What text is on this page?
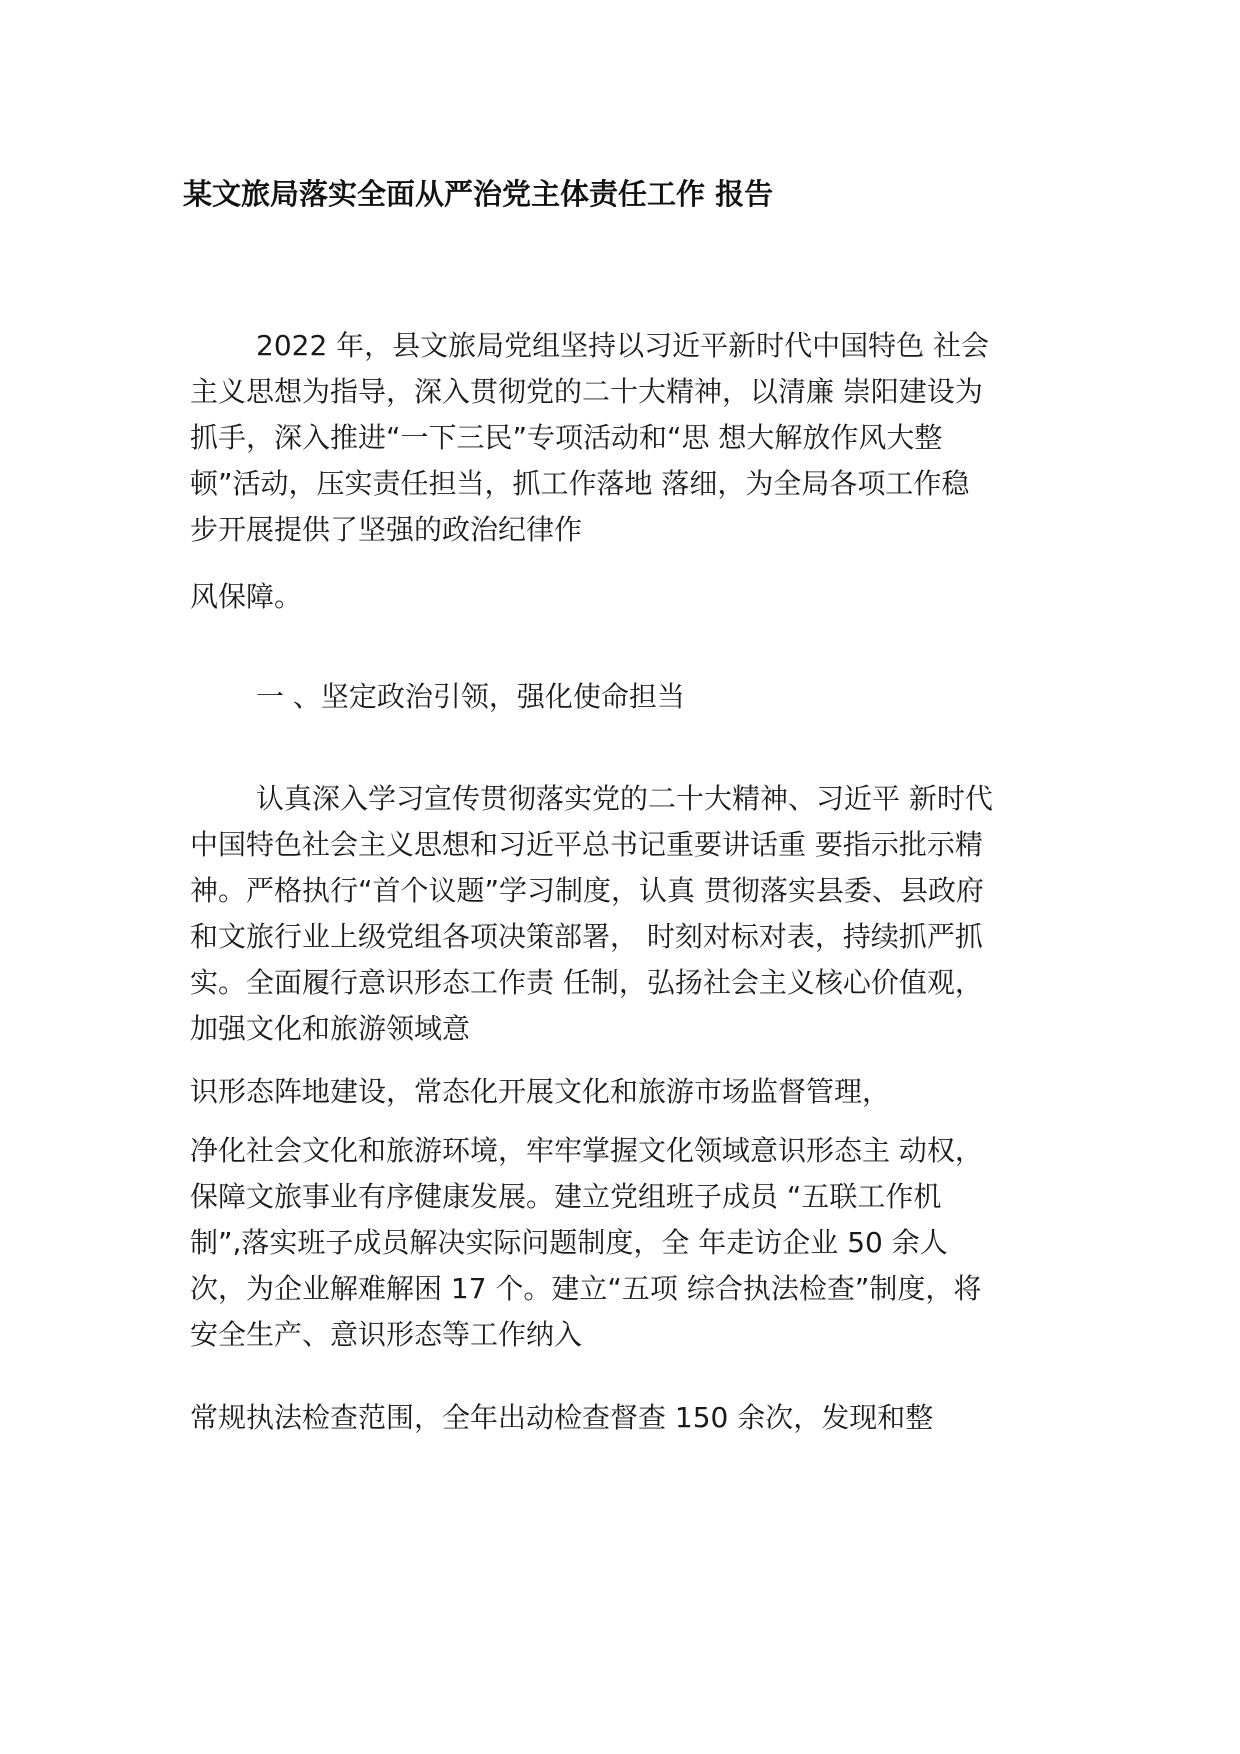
某文旅局落实全面从严治党主体责任工作 报告
2022 年，县文旅局党组坚持以习近平新时代中国特色 社会
主义思想为指导，深入贯彻党的二十大精神，以清廉 崇阳建设为
抓手，深入推进“一下三民”专项活动和“思 想大解放作风大整
顿”活动，压实责任担当，抓工作落地 落细，为全局各项工作稳
步开展提供了坚强的政治纪律作
风保障。
一 、坚定政治引领，强化使命担当
认真深入学习宣传贯彻落实党的二十大精神、习近平 新时代
中国特色社会主义思想和习近平总书记重要讲话重 要指示批示精
神。严格执行“首个议题”学习制度，认真 贯彻落实县委、县政府
和文旅行业上级党组各项决策部署， 时刻对标对表，持续抓严抓
实。全面履行意识形态工作责 任制，弘扬社会主义核心价值观，
加强文化和旅游领域意
识形态阵地建设，常态化开展文化和旅游市场监督管理，
净化社会文化和旅游环境，牢牢掌握文化领域意识形态主 动权，
保障文旅事业有序健康发展。建立党组班子成员 “五联工作机
制”,落实班子成员解决实际问题制度，全 年走访企业 50 余人
次，为企业解难解困 17 个。建立“五项 综合执法检查”制度，将
安全生产、意识形态等工作纳入
常规执法检查范围，全年出动检查督查 150 余次，发现和整
